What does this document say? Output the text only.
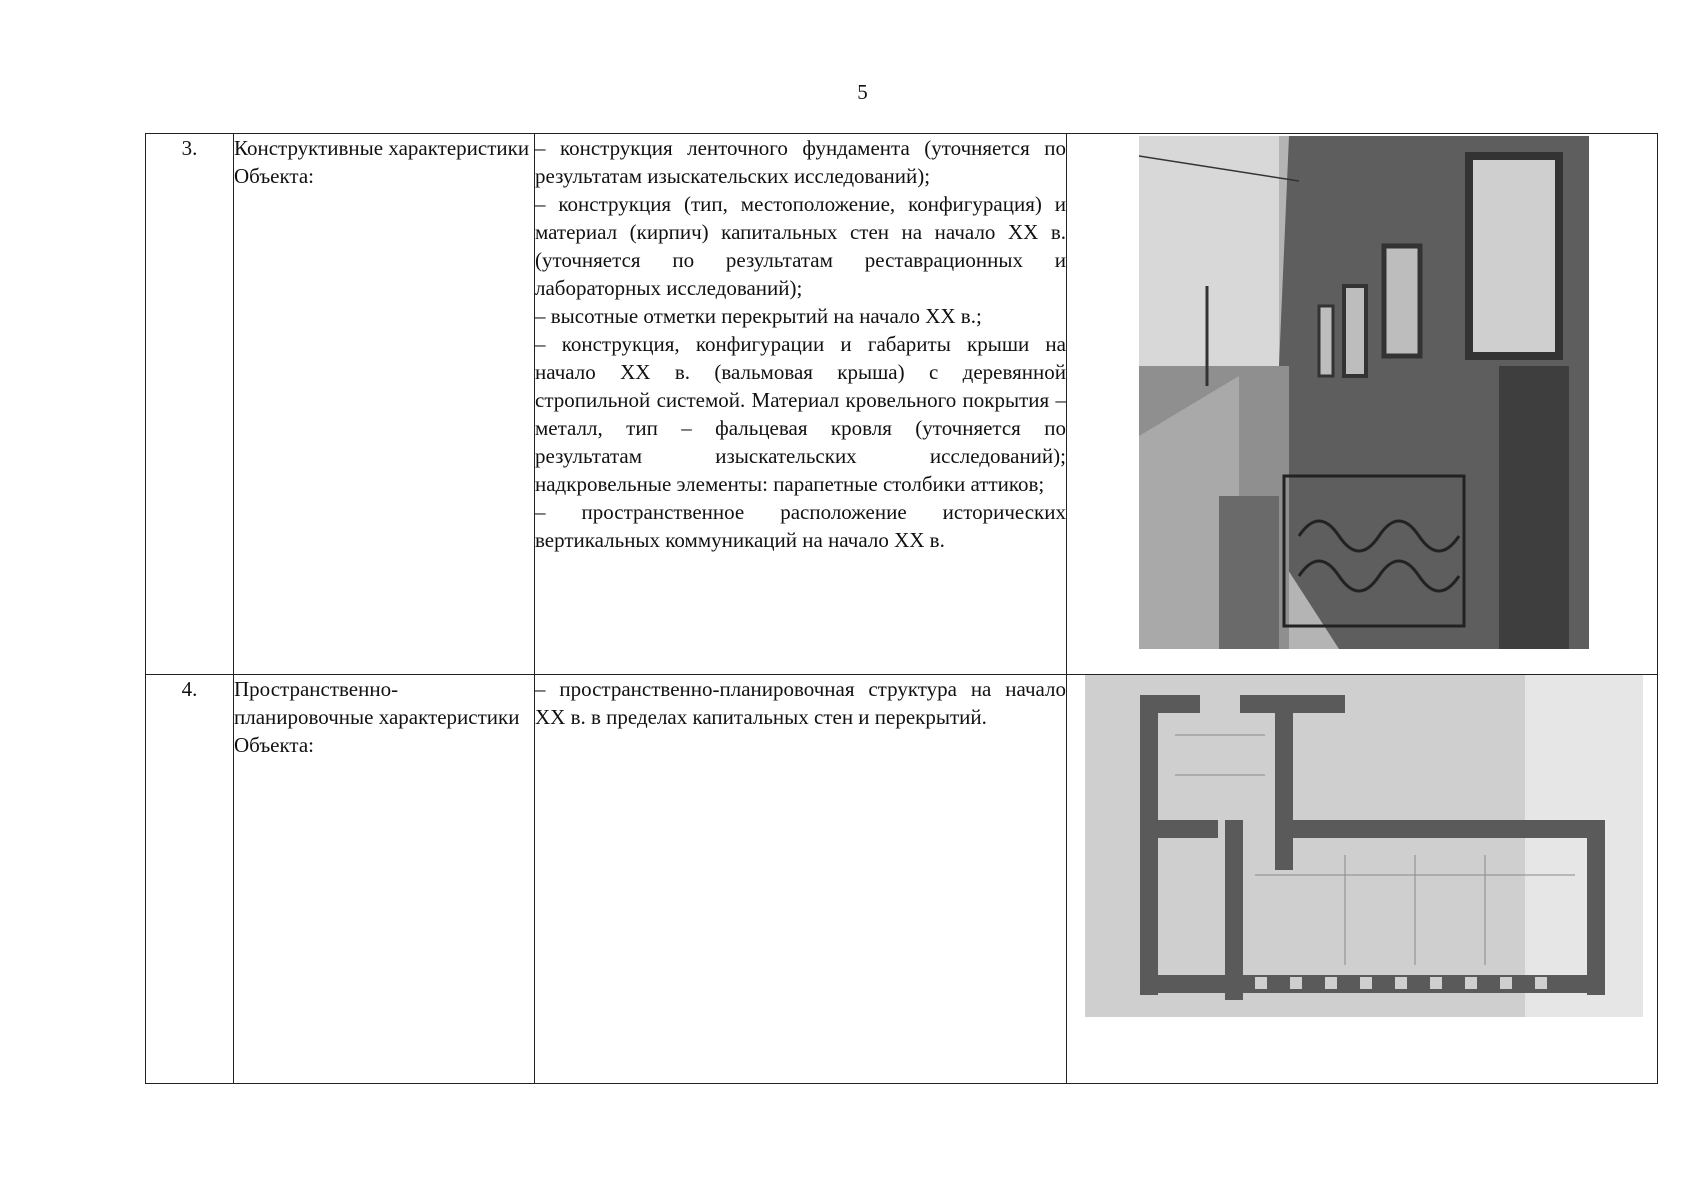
5
3.	Конструктивные характеристики Объекта:	– конструкция ленточного фундамента (уточняется по результатам изыскательских исследований);
– конструкция (тип, местоположение, конфигурация) и материал (кирпич) капитальных стен на начало XX в. (уточняется по результатам реставрационных и лабораторных исследований);
– высотные отметки перекрытий на начало XX в.;
– конструкция, конфигурации и габариты крыши на начало XX в. (вальмовая крыша) с деревянной стропильной системой. Материал кровельного покрытия – металл, тип – фальцевая кровля (уточняется по результатам изыскательских исследований); надкровельные элементы: парапетные столбики аттиков;
– пространственное расположение исторических вертикальных коммуникаций на начало XX в.

4.	Пространственно-планировочные характеристики Объекта:	– пространственно-планировочная структура на начало XX в. в пределах капитальных стен и перекрытий.
